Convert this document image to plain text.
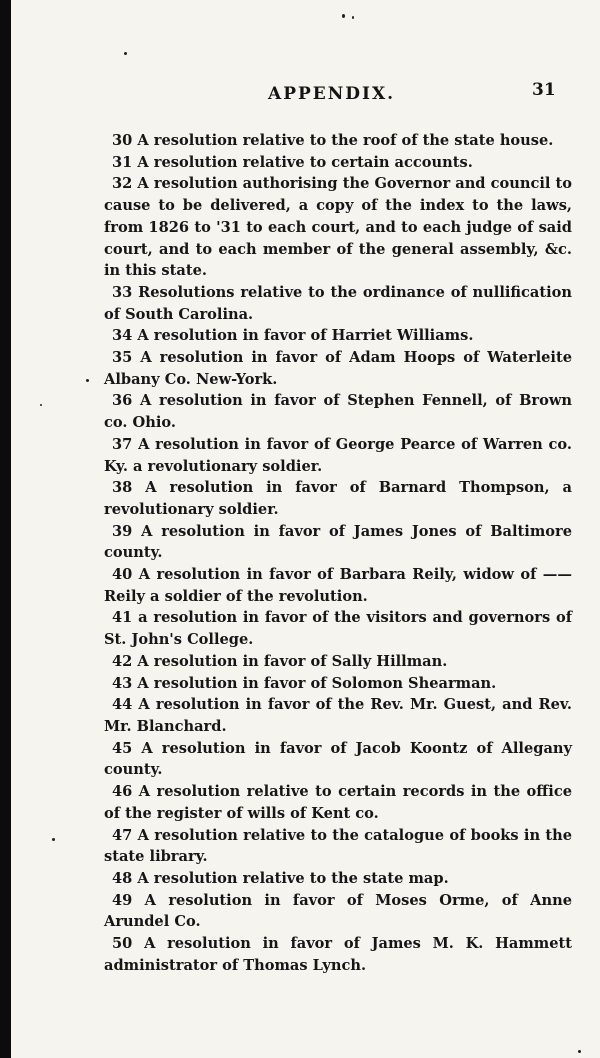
APPENDIX.	31
30 A resolution relative to the roof of the state house.
31 A resolution relative to certain accounts.
32 A resolution authorising the Governor and council to cause to be delivered, a copy of the index to the laws, from 1826 to '31 to each court, and to each judge of said court, and to each member of the general assembly, &c. in this state.
33 Resolutions relative to the ordinance of nullification of South Carolina.
34 A resolution in favor of Harriet Williams.
35 A resolution in favor of Adam Hoops of Waterleite Albany Co. New-York.
36 A resolution in favor of Stephen Fennell, of Brown co. Ohio.
37 A resolution in favor of George Pearce of Warren co. Ky. a revolutionary soldier.
38 A resolution in favor of Barnard Thompson, a revolutionary soldier.
39 A resolution in favor of James Jones of Baltimore county.
40 A resolution in favor of Barbara Reily, widow of —— Reily a soldier of the revolution.
41 a resolution in favor of the visitors and governors of St. John's College.
42 A resolution in favor of Sally Hillman.
43 A resolution in favor of Solomon Shearman.
44 A resolution in favor of the Rev. Mr. Guest, and Rev. Mr. Blanchard.
45 A resolution in favor of Jacob Koontz of Allegany county.
46 A resolution relative to certain records in the office of the register of wills of Kent co.
47 A resolution relative to the catalogue of books in the state library.
48 A resolution relative to the state map.
49 A resolution in favor of Moses Orme, of Anne Arundel Co.
50 A resolution in favor of James M. K. Hammett administrator of Thomas Lynch.
